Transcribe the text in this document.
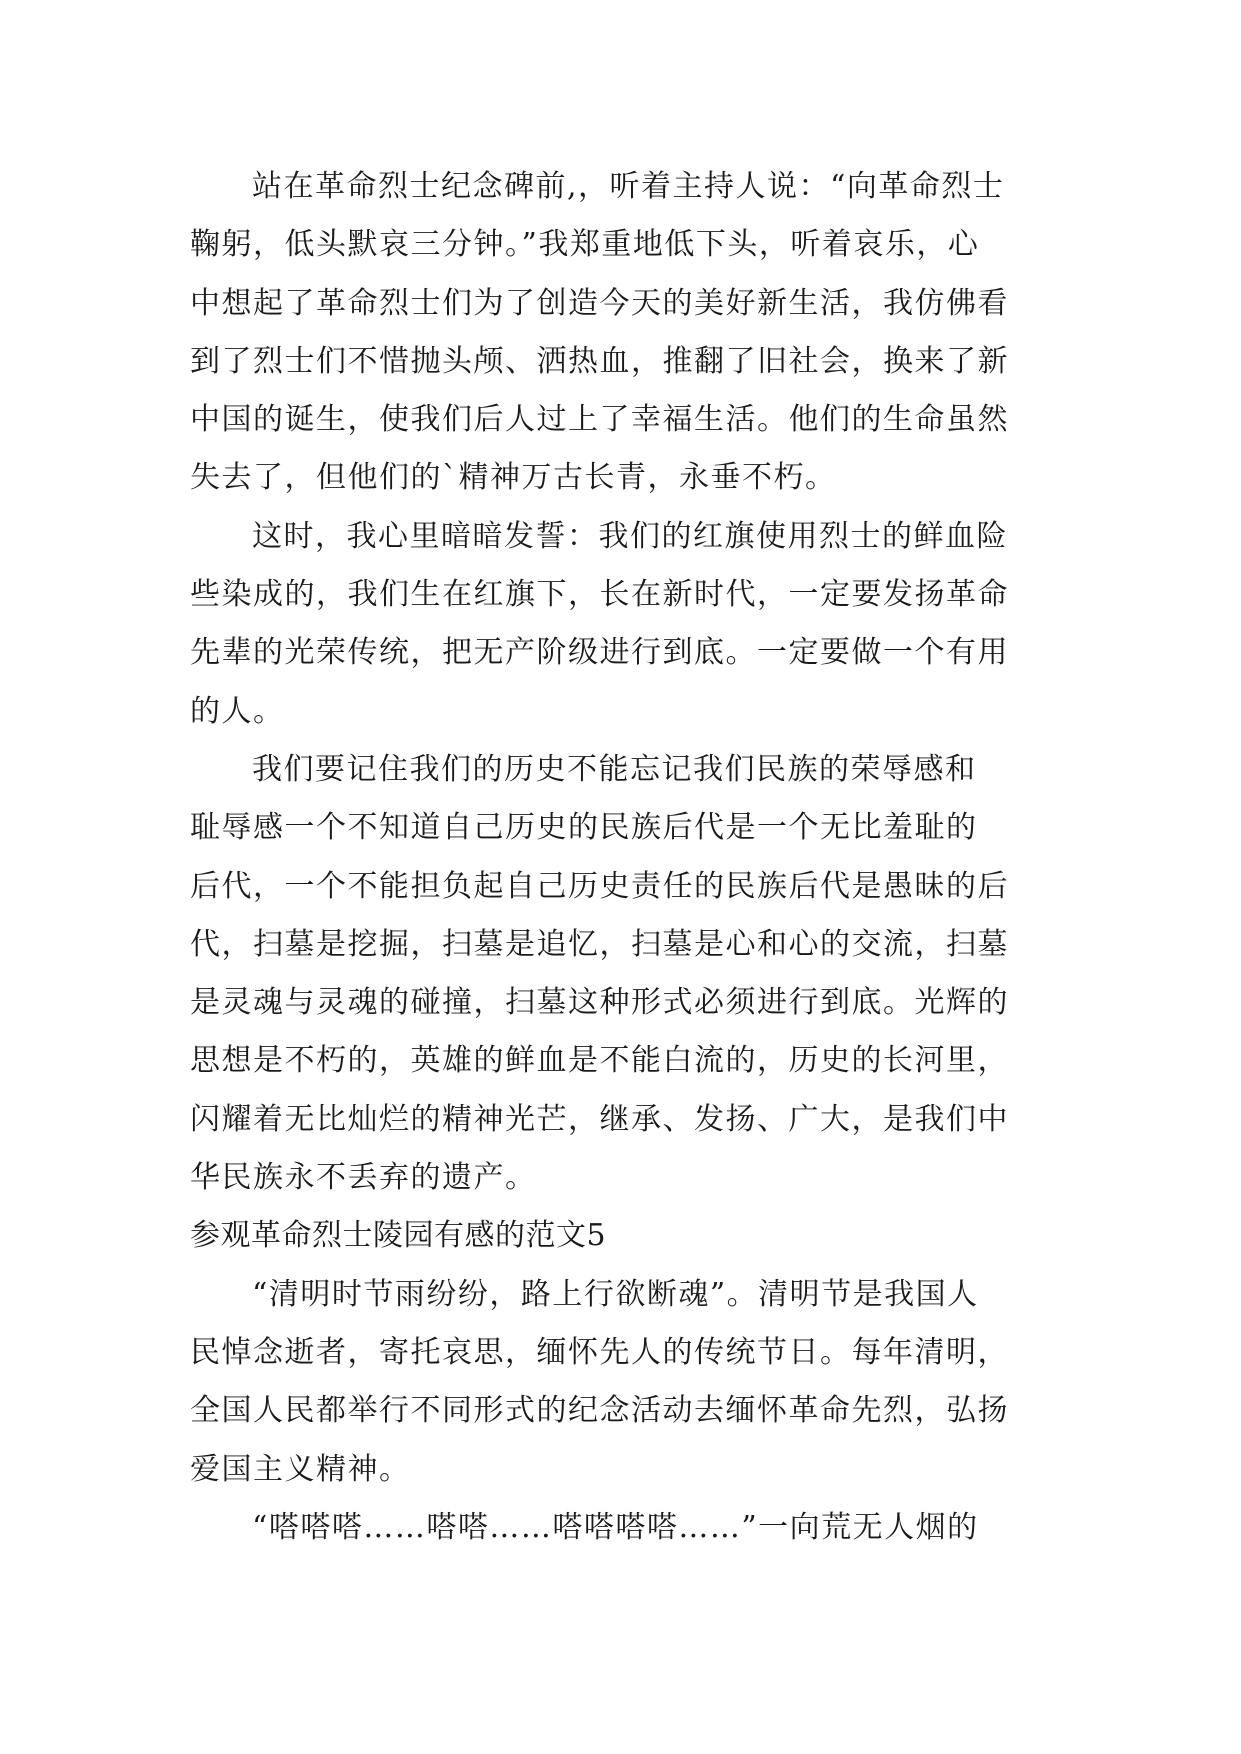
站在革命烈士纪念碑前,，听着主持人说：“向革命烈士
鞠躬，低头默哀三分钟。”我郑重地低下头，听着哀乐，心
中想起了革命烈士们为了创造今天的美好新生活，我仿佛看
到了烈士们不惜抛头颅、洒热血，推翻了旧社会，换来了新
中国的诞生，使我们后人过上了幸福生活。他们的生命虽然
失去了，但他们的`精神万古长青，永垂不朽。
这时，我心里暗暗发誓：我们的红旗使用烈士的鲜血险
些染成的，我们生在红旗下，长在新时代，一定要发扬革命
先辈的光荣传统，把无产阶级进行到底。一定要做一个有用
的人。
我们要记住我们的历史不能忘记我们民族的荣辱感和
耻辱感一个不知道自己历史的民族后代是一个无比羞耻的
后代，一个不能担负起自己历史责任的民族后代是愚昧的后
代，扫墓是挖掘，扫墓是追忆，扫墓是心和心的交流，扫墓
是灵魂与灵魂的碰撞，扫墓这种形式必须进行到底。光辉的
思想是不朽的，英雄的鲜血是不能白流的，历史的长河里，
闪耀着无比灿烂的精神光芒，继承、发扬、广大，是我们中
华民族永不丢弃的遗产。
参观革命烈士陵园有感的范文5
“清明时节雨纷纷，路上行欲断魂”。清明节是我国人
民悼念逝者，寄托哀思，缅怀先人的传统节日。每年清明，
全国人民都举行不同形式的纪念活动去缅怀革命先烈，弘扬
爱国主义精神。
“嗒嗒嗒……嗒嗒……嗒嗒嗒嗒……”一向荒无人烟的
